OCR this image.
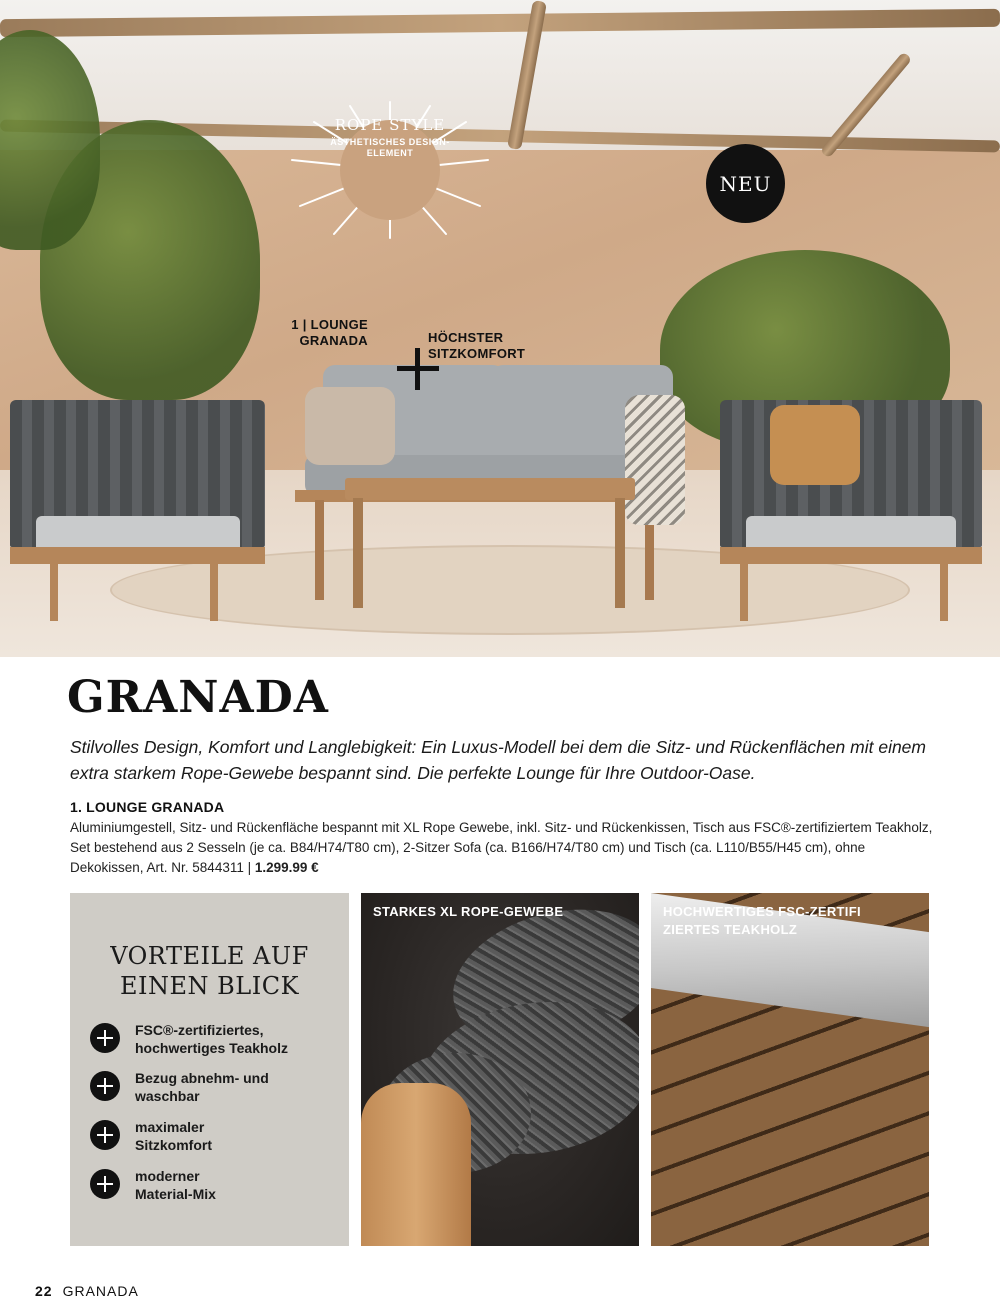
ROPE STYLE
ÄSTHETISCHES DESIGN-ELEMENT
NEU
1 | LOUNGE GRANADA	HÖCHSTER SITZKOMFORT
GRANADA

Stilvolles Design, Komfort und Langlebigkeit: Ein Luxus-Modell bei dem die Sitz- und Rückenflächen mit einem extra starkem Rope-Gewebe bespannt sind. Die perfekte Lounge für Ihre Outdoor-Oase.

1. LOUNGE GRANADA

Aluminiumgestell, Sitz- und Rückenfläche bespannt mit XL Rope Gewebe, inkl. Sitz- und Rückenkissen, Tisch aus FSC®-zertifiziertem Teakholz, Set bestehend aus 2 Sesseln (je ca. B84/H74/T80 cm), 2-Sitzer Sofa (ca. B166/H74/T80 cm) und Tisch (ca. L110/B55/H45 cm), ohne Dekokissen, Art. Nr. 5844311 | 1.299.99 €

VORTEILE AUF
EINEN BLICK
FSC®-zertifiziertes,
hochwertiges Teakholz
Bezug abnehm- und
waschbar
maximaler
Sitzkomfort
moderner
Material-Mix
STARKES XL ROPE-GEWEBE	HOCHWERTIGES FSC-ZERTIFI
ZIERTES TEAKHOLZ
22 GRANADA
